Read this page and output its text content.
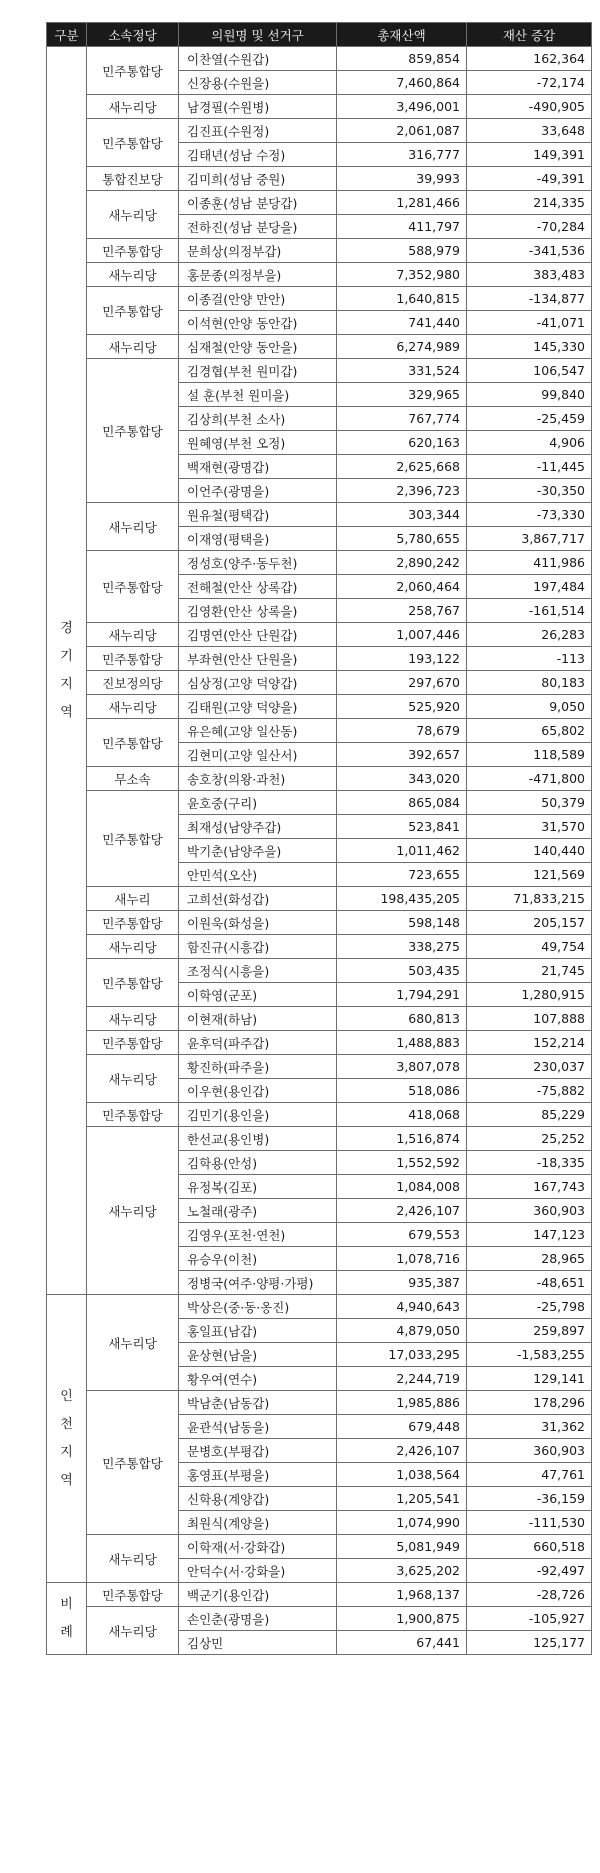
구분	소속정당	의원명 및 선거구	총재산액	재산 증감

경
기
지
역	민주통합당	이찬열(수원갑)	859,854	162,364
		신장용(수원을)	7,460,864	-72,174
	새누리당	남경필(수원병)	3,496,001	-490,905
	민주통합당	김진표(수원정)	2,061,087	33,648
		김태년(성남 수정)	316,777	149,391
	통합진보당	김미희(성남 중원)	39,993	-49,391
	새누리당	이종훈(성남 분당갑)	1,281,466	214,335
		전하진(성남 분당을)	411,797	-70,284
	민주통합당	문희상(의정부갑)	588,979	-341,536
	새누리당	홍문종(의정부을)	7,352,980	383,483
	민주통합당	이종걸(안양 만안)	1,640,815	-134,877
		이석현(안양 동안갑)	741,440	-41,071
	새누리당	심재철(안양 동안을)	6,274,989	145,330
	민주통합당	김경협(부천 원미갑)	331,524	106,547
		설 훈(부천 원미을)	329,965	99,840
		김상희(부천 소사)	767,774	-25,459
		원혜영(부천 오정)	620,163	4,906
		백재현(광명갑)	2,625,668	-11,445
		이언주(광명을)	2,396,723	-30,350
	새누리당	원유철(평택갑)	303,344	-73,330
		이재영(평택을)	5,780,655	3,867,717
	민주통합당	정성호(양주·동두천)	2,890,242	411,986
		전해철(안산 상록갑)	2,060,464	197,484
		김영환(안산 상록을)	258,767	-161,514
	새누리당	김명연(안산 단원갑)	1,007,446	26,283
	민주통합당	부좌현(안산 단원을)	193,122	-113
	진보정의당	심상정(고양 덕양갑)	297,670	80,183
	새누리당	김태원(고양 덕양을)	525,920	9,050
	민주통합당	유은혜(고양 일산동)	78,679	65,802
		김현미(고양 일산서)	392,657	118,589
	무소속	송호창(의왕·과천)	343,020	-471,800
	민주통합당	윤호중(구리)	865,084	50,379
		최재성(남양주갑)	523,841	31,570
		박기춘(남양주을)	1,011,462	140,440
		안민석(오산)	723,655	121,569
	새누리	고희선(화성갑)	198,435,205	71,833,215
	민주통합당	이원욱(화성을)	598,148	205,157
	새누리당	함진규(시흥갑)	338,275	49,754
	민주통합당	조정식(시흥을)	503,435	21,745
		이학영(군포)	1,794,291	1,280,915
	새누리당	이현재(하남)	680,813	107,888
	민주통합당	윤후덕(파주갑)	1,488,883	152,214
	새누리당	황진하(파주을)	3,807,078	230,037
		이우현(용인갑)	518,086	-75,882
	민주통합당	김민기(용인을)	418,068	85,229
	새누리당	한선교(용인병)	1,516,874	25,252
		김학용(안성)	1,552,592	-18,335
		유정복(김포)	1,084,008	167,743
		노철래(광주)	2,426,107	360,903
		김영우(포천·연천)	679,553	147,123
		유승우(이천)	1,078,716	28,965
		정병국(여주·양평·가평)	935,387	-48,651

인
천
지
역	새누리당	박상은(중·동·옹진)	4,940,643	-25,798
		홍일표(남갑)	4,879,050	259,897
		윤상현(남을)	17,033,295	-1,583,255
		황우여(연수)	2,244,719	129,141
	민주통합당	박남춘(남동갑)	1,985,886	178,296
		윤관석(남동을)	679,448	31,362
		문병호(부평갑)	2,426,107	360,903
		홍영표(부평을)	1,038,564	47,761
		신학용(계양갑)	1,205,541	-36,159
		최원식(계양을)	1,074,990	-111,530
	새누리당	이학재(서·강화갑)	5,081,949	660,518
		안덕수(서·강화을)	3,625,202	-92,497

비
례	민주통합당	백군기(용인갑)	1,968,137	-28,726
	새누리당	손인춘(광명을)	1,900,875	-105,927
		김상민	67,441	125,177
